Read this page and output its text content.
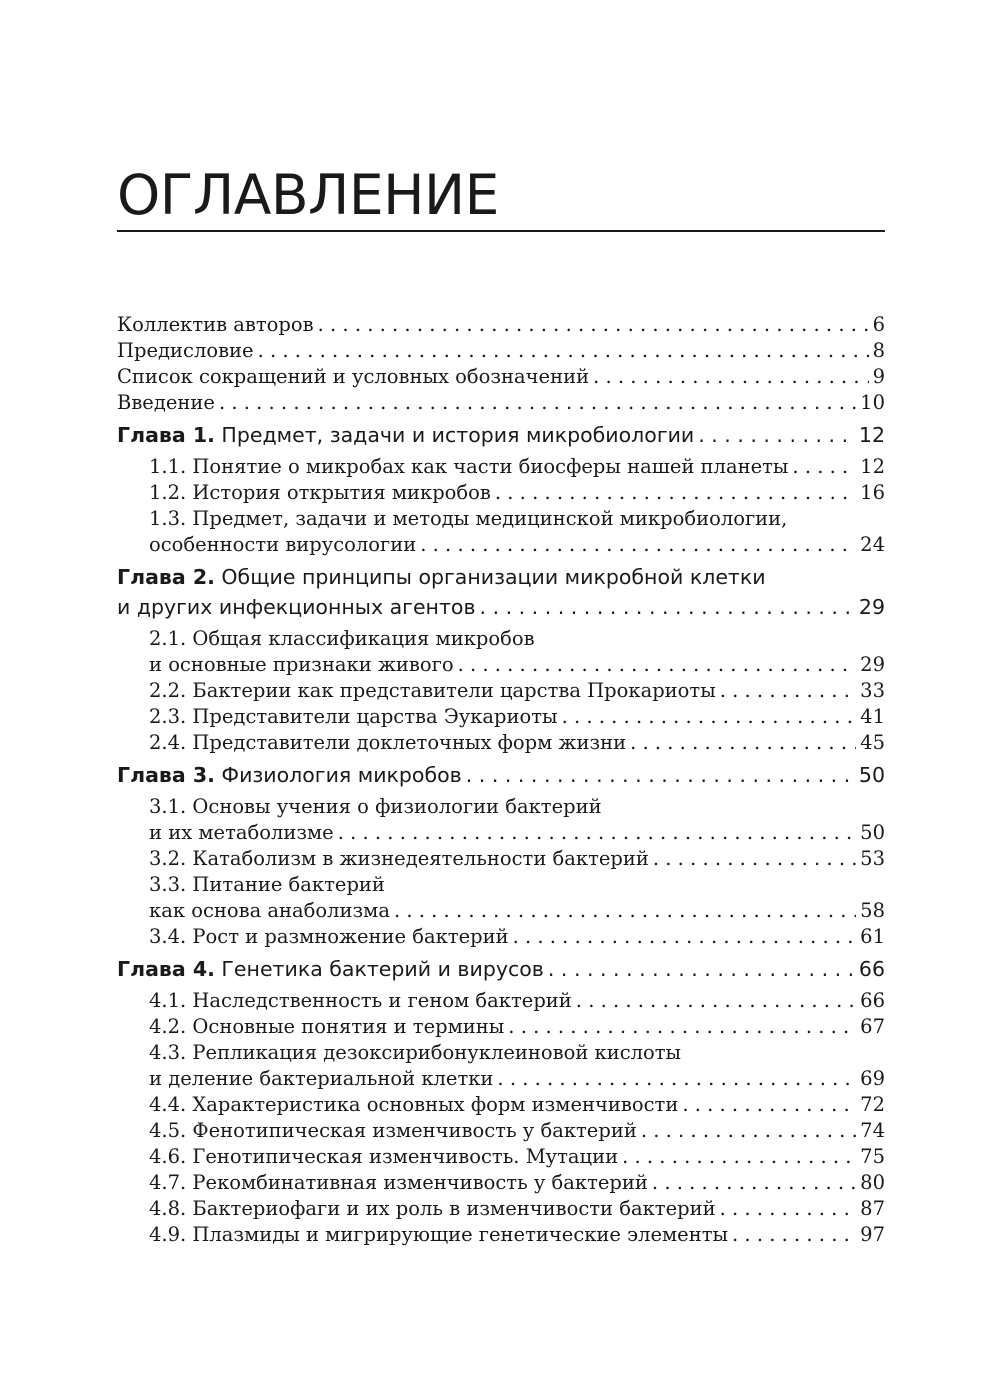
ОГЛАВЛЕНИЕ
Коллектив авторов . . .	6
Предисловие . . .	8
Список сокращений и условных обозначений . . .	9
Введение . . .	10
Глава 1. Предмет, задачи и история микробиологии . . .	12
1.1. Понятие о микробах как части биосферы нашей планеты . . .	12
1.2. История открытия микробов . . .	16
1.3. Предмет, задачи и методы медицинской микробиологии,
особенности вирусологии . . .	24
Глава 2. Общие принципы организации микробной клетки
и других инфекционных агентов . . .	29
2.1. Общая классификация микробов
и основные признаки живого . . .	29
2.2. Бактерии как представители царства Прокариоты . . .	33
2.3. Представители царства Эукариоты . . .	41
2.4. Представители доклеточных форм жизни . . .	45
Глава 3. Физиология микробов . . .	50
3.1. Основы учения о физиологии бактерий
и их метаболизме . . .	50
3.2. Катаболизм в жизнедеятельности бактерий . . .	53
3.3. Питание бактерий
как основа анаболизма . . .	58
3.4. Рост и размножение бактерий . . .	61
Глава 4. Генетика бактерий и вирусов . . .	66
4.1. Наследственность и геном бактерий . . .	66
4.2. Основные понятия и термины . . .	67
4.3. Репликация дезоксирибонуклеиновой кислоты
и деление бактериальной клетки . . .	69
4.4. Характеристика основных форм изменчивости . . .	72
4.5. Фенотипическая изменчивость у бактерий . . .	74
4.6. Генотипическая изменчивость. Мутации . . .	75
4.7. Рекомбинативная изменчивость у бактерий . . .	80
4.8. Бактериофаги и их роль в изменчивости бактерий . . .	87
4.9. Плазмиды и мигрирующие генетические элементы . . .	97
